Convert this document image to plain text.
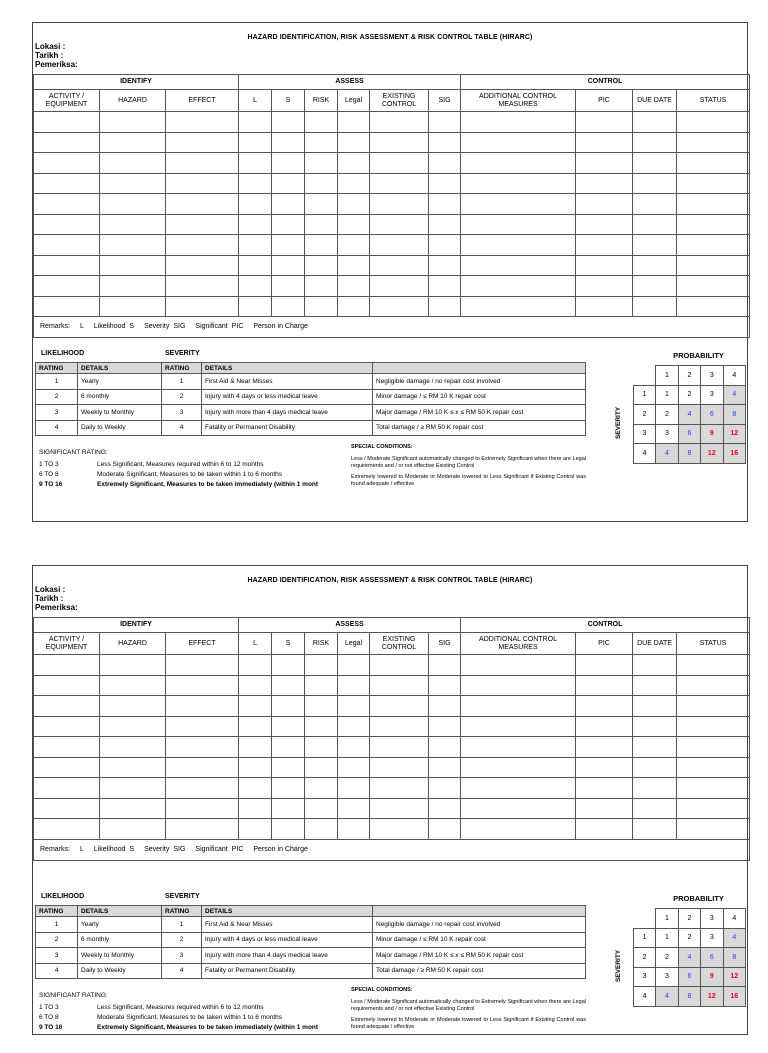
HAZARD IDENTIFICATION, RISK ASSESSMENT & RISK CONTROL TABLE (HIRARC)
Lokasi :
Tarikh :
Pemeriksa:
IDENTIFY			ASSESS						CONTROL			
ACTIVITY / EQUIPMENT	HAZARD	EFFECT	L	S	RISK	Legal	EXISTING CONTROL	SIG	ADDITIONAL CONTROL MEASURES	PIC	DUE DATE	STATUS

Remarks: L Likelihood S Severity SIG Significant PIC Person in Charge												
LIKELIHOOD	SEVERITY
RATING	DETAILS	RATING	DETAILS	
1	Yearly	1	First Aid & Near Misses	Negligible damage / no repair cost involved
2	6 monthly	2	Injury with 4 days or less medical leave	Minor damage / ≤ RM 10 K repair cost
3	Weekly to Monthly	3	Injury with more than 4 days medical leave	Major damage / RM 10 K ≤ x ≤ RM 50 K repair cost
4	Daily to Weekly	4	Fatality or Permanent Disability	Total damage / ≥ RM 50 K repair cost
SIGNIFICANT RATING:
1 TO 3	Less Significant, Measures required within 6 to 12 months
6 TO 8	Moderate Significant, Measures to be taken within 1 to 6 months
9 TO 16	Extremely Significant, Measures to be taken immediately (within 1 mont
SPECIAL CONDITIONS:

Less / Moderate Significant automatically changed to Extremely Significant when there are Legal requirements and / or not effective Existing Control

Extremely lowered to Moderate or Moderate lowered to Less Significant if Existing Control was found adequate / effective

PROBABILITY
SEVERITY
		1	2	3	4
	1	1	2	3	4
	2	2	4	6	8
	3	3	6	9	12
	4	4	8	12	16
HAZARD IDENTIFICATION, RISK ASSESSMENT & RISK CONTROL TABLE (HIRARC)
Lokasi :
Tarikh :
Pemeriksa:
IDENTIFY			ASSESS						CONTROL			
ACTIVITY / EQUIPMENT	HAZARD	EFFECT	L	S	RISK	Legal	EXISTING CONTROL	SIG	ADDITIONAL CONTROL MEASURES	PIC	DUE DATE	STATUS

Remarks: L Likelihood S Severity SIG Significant PIC Person in Charge												
LIKELIHOOD	SEVERITY
RATING	DETAILS	RATING	DETAILS	
1	Yearly	1	First Aid & Near Misses	Negligible damage / no repair cost involved
2	6 monthly	2	Injury with 4 days or less medical leave	Minor damage / ≤ RM 10 K repair cost
3	Weekly to Monthly	3	Injury with more than 4 days medical leave	Major damage / RM 10 K ≤ x ≤ RM 50 K repair cost
4	Daily to Weekly	4	Fatality or Permanent Disability	Total damage / ≥ RM 50 K repair cost
SIGNIFICANT RATING:
1 TO 3	Less Significant, Measures required within 6 to 12 months
6 TO 8	Moderate Significant, Measures to be taken within 1 to 6 months
9 TO 16	Extremely Significant, Measures to be taken immediately (within 1 mont
SPECIAL CONDITIONS:

Less / Moderate Significant automatically changed to Extremely Significant when there are Legal requirements and / or not effective Existing Control

Extremely lowered to Moderate or Moderate lowered to Less Significant if Existing Control was found adequate / effective

PROBABILITY
SEVERITY
		1	2	3	4
	1	1	2	3	4
	2	2	4	6	8
	3	3	6	9	12
	4	4	8	12	16
